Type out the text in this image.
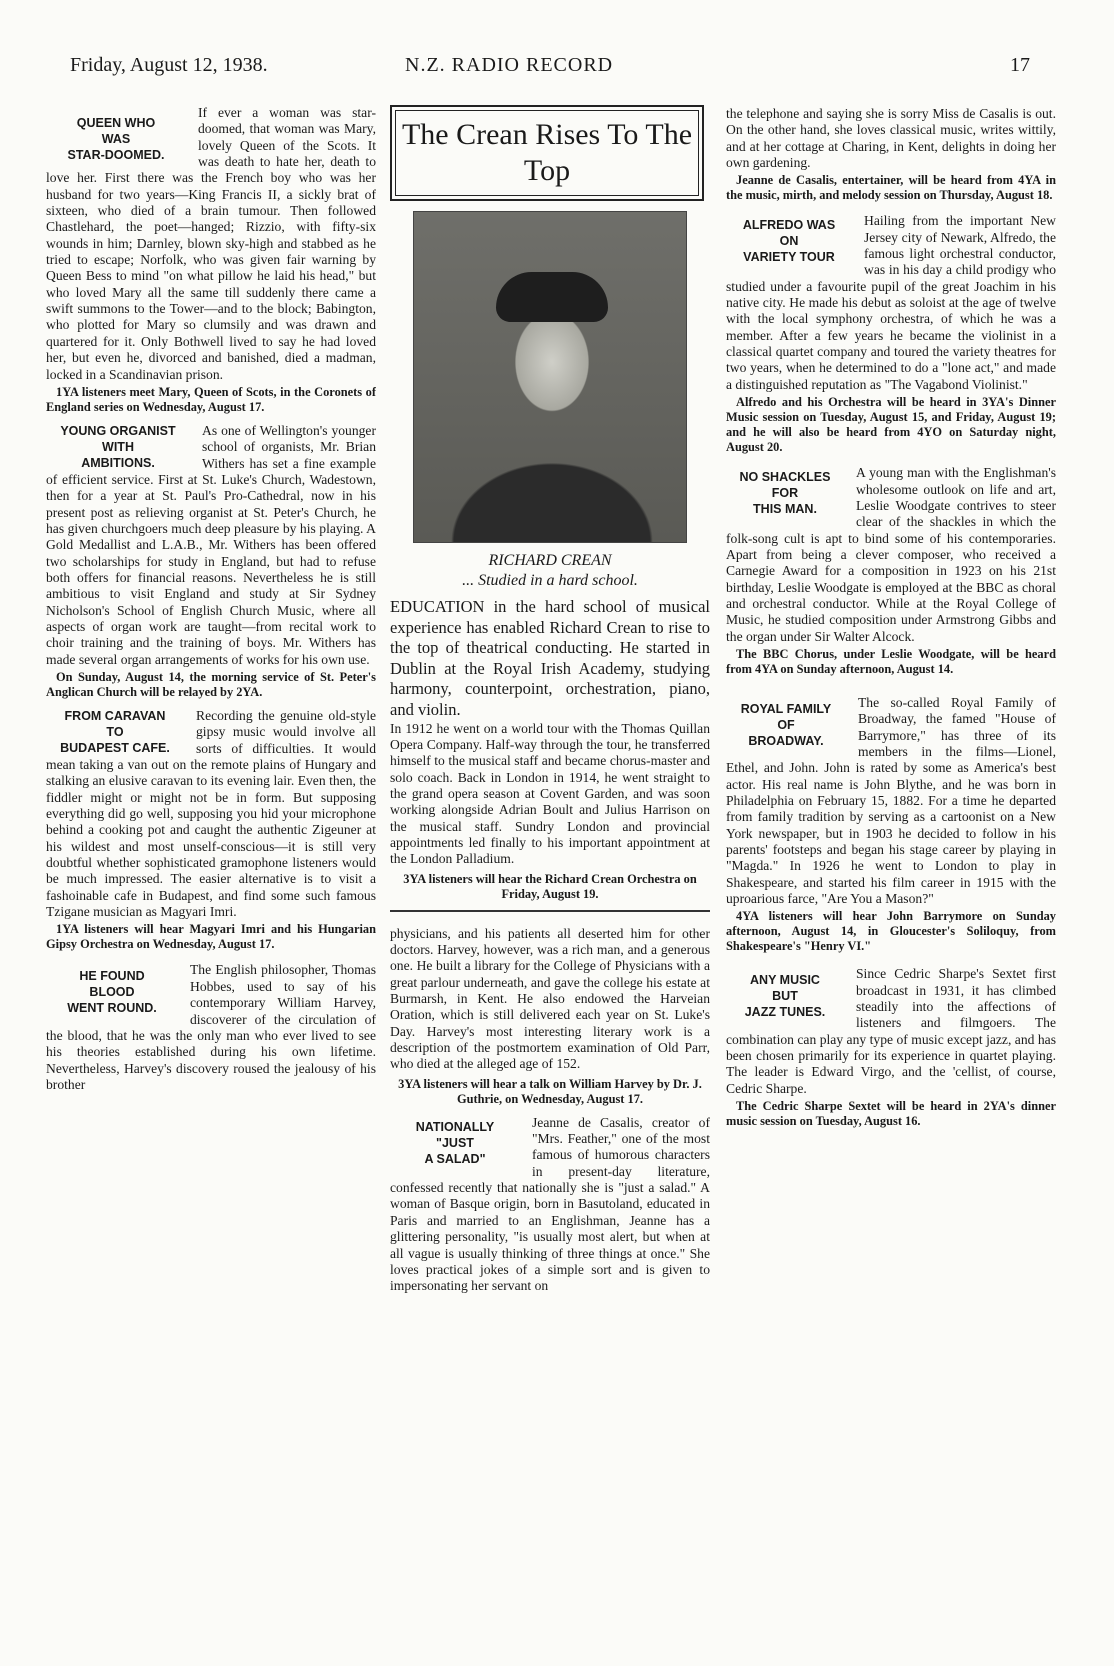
Friday, August 12, 1938.	N.Z. RADIO RECORD	17
QUEEN WHO
WAS
STAR-DOOMED.

If ever a woman was star-doomed, that woman was Mary, lovely Queen of the Scots. It was death to hate her, death to love her. First there was the French boy who was her husband for two years—King Francis II, a sickly brat of sixteen, who died of a brain tumour. Then followed Chastlehard, the poet—hanged; Rizzio, with fifty-six wounds in him; Darnley, blown sky-high and stabbed as he tried to escape; Norfolk, who was given fair warning by Queen Bess to mind "on what pillow he laid his head," but who loved Mary all the same till suddenly there came a swift summons to the Tower—and to the block; Babington, who plotted for Mary so clumsily and was drawn and quartered for it. Only Bothwell lived to say he had loved her, but even he, divorced and banished, died a madman, locked in a Scandinavian prison.

1YA listeners meet Mary, Queen of Scots, in the Coronets of England series on Wednesday, August 17.

YOUNG ORGANIST
WITH
AMBITIONS.

As one of Wellington's younger school of organists, Mr. Brian Withers has set a fine example of efficient service. First at St. Luke's Church, Wadestown, then for a year at St. Paul's Pro-Cathedral, now in his present post as relieving organist at St. Peter's Church, he has given churchgoers much deep pleasure by his playing. A Gold Medallist and L.A.B., Mr. Withers has been offered two scholarships for study in England, but had to refuse both offers for financial reasons. Nevertheless he is still ambitious to visit England and study at Sir Sydney Nicholson's School of English Church Music, where all aspects of organ work are taught—from recital work to choir training and the training of boys. Mr. Withers has made several organ arrangements of works for his own use.

On Sunday, August 14, the morning service of St. Peter's Anglican Church will be relayed by 2YA.

FROM CARAVAN
TO
BUDAPEST CAFE.

Recording the genuine old-style gipsy music would involve all sorts of difficulties. It would mean taking a van out on the remote plains of Hungary and stalking an elusive caravan to its evening lair. Even then, the fiddler might or might not be in form. But supposing everything did go well, supposing you hid your microphone behind a cooking pot and caught the authentic Zigeuner at his wildest and most unself-conscious—it is still very doubtful whether sophisticated gramophone listeners would be much impressed. The easier alternative is to visit a fashoinable cafe in Budapest, and find some such famous Tzigane musician as Magyari Imri.

1YA listeners will hear Magyari Imri and his Hungarian Gipsy Orchestra on Wednesday, August 17.

HE FOUND
BLOOD
WENT ROUND.

The English philosopher, Thomas Hobbes, used to say of his contemporary William Harvey, discoverer of the circulation of the blood, that he was the only man who ever lived to see his theories established during his own lifetime. Nevertheless, Harvey's discovery roused the jealousy of his brother

The Crean Rises To The Top
RICHARD CREAN
... Studied in a hard school.

EDUCATION in the hard school of musical experience has enabled Richard Crean to rise to the top of theatrical conducting. He started in Dublin at the Royal Irish Academy, studying harmony, counterpoint, orchestration, piano, and violin.

In 1912 he went on a world tour with the Thomas Quillan Opera Company. Half-way through the tour, he transferred himself to the musical staff and became chorus-master and solo coach. Back in London in 1914, he went straight to the grand opera season at Covent Garden, and was soon working alongside Adrian Boult and Julius Harrison on the musical staff. Sundry London and provincial appointments led finally to his important appointment at the London Palladium.

3YA listeners will hear the Richard Crean Orchestra on Friday, August 19.

physicians, and his patients all deserted him for other doctors. Harvey, however, was a rich man, and a generous one. He built a library for the College of Physicians with a great parlour underneath, and gave the college his estate at Burmarsh, in Kent. He also endowed the Harveian Oration, which is still delivered each year on St. Luke's Day. Harvey's most interesting literary work is a description of the postmortem examination of Old Parr, who died at the alleged age of 152.

3YA listeners will hear a talk on William Harvey by Dr. J. Guthrie, on Wednesday, August 17.

NATIONALLY
"JUST
A SALAD"

Jeanne de Casalis, creator of "Mrs. Feather," one of the most famous of humorous characters in present-day literature, confessed recently that nationally she is "just a salad." A woman of Basque origin, born in Basutoland, educated in Paris and married to an Englishman, Jeanne has a glittering personality, "is usually most alert, but when at all vague is usually thinking of three things at once." She loves practical jokes of a simple sort and is given to impersonating her servant on

the telephone and saying she is sorry Miss de Casalis is out. On the other hand, she loves classical music, writes wittily, and at her cottage at Charing, in Kent, delights in doing her own gardening.

Jeanne de Casalis, entertainer, will be heard from 4YA in the music, mirth, and melody session on Thursday, August 18.

ALFREDO WAS
ON
VARIETY TOUR

Hailing from the important New Jersey city of Newark, Alfredo, the famous light orchestral conductor, was in his day a child prodigy who studied under a favourite pupil of the great Joachim in his native city. He made his debut as soloist at the age of twelve with the local symphony orchestra, of which he was a member. After a few years he became the violinist in a classical quartet company and toured the variety theatres for two years, when he determined to do a "lone act," and made a distinguished reputation as "The Vagabond Violinist."

Alfredo and his Orchestra will be heard in 3YA's Dinner Music session on Tuesday, August 15, and Friday, August 19; and he will also be heard from 4YO on Saturday night, August 20.

NO SHACKLES
FOR
THIS MAN.

A young man with the Englishman's wholesome outlook on life and art, Leslie Woodgate contrives to steer clear of the shackles in which the folk-song cult is apt to bind some of his contemporaries. Apart from being a clever composer, who received a Carnegie Award for a composition in 1923 on his 21st birthday, Leslie Woodgate is employed at the BBC as choral and orchestral conductor. While at the Royal College of Music, he studied composition under Armstrong Gibbs and the organ under Sir Walter Alcock.

The BBC Chorus, under Leslie Woodgate, will be heard from 4YA on Sunday afternoon, August 14.

ROYAL FAMILY
OF
BROADWAY.

The so-called Royal Family of Broadway, the famed "House of Barrymore," has three of its members in the films—Lionel, Ethel, and John. John is rated by some as America's best actor. His real name is John Blythe, and he was born in Philadelphia on February 15, 1882. For a time he departed from family tradition by serving as a cartoonist on a New York newspaper, but in 1903 he decided to follow in his parents' footsteps and began his stage career by playing in "Magda." In 1926 he went to London to play in Shakespeare, and started his film career in 1915 with the uproarious farce, "Are You a Mason?"

4YA listeners will hear John Barrymore on Sunday afternoon, August 14, in Gloucester's Soliloquy, from Shakespeare's "Henry VI."

ANY MUSIC
BUT
JAZZ TUNES.

Since Cedric Sharpe's Sextet first broadcast in 1931, it has climbed steadily into the affections of listeners and filmgoers. The combination can play any type of music except jazz, and has been chosen primarily for its experience in quartet playing. The leader is Edward Virgo, and the 'cellist, of course, Cedric Sharpe.

The Cedric Sharpe Sextet will be heard in 2YA's dinner music session on Tuesday, August 16.
